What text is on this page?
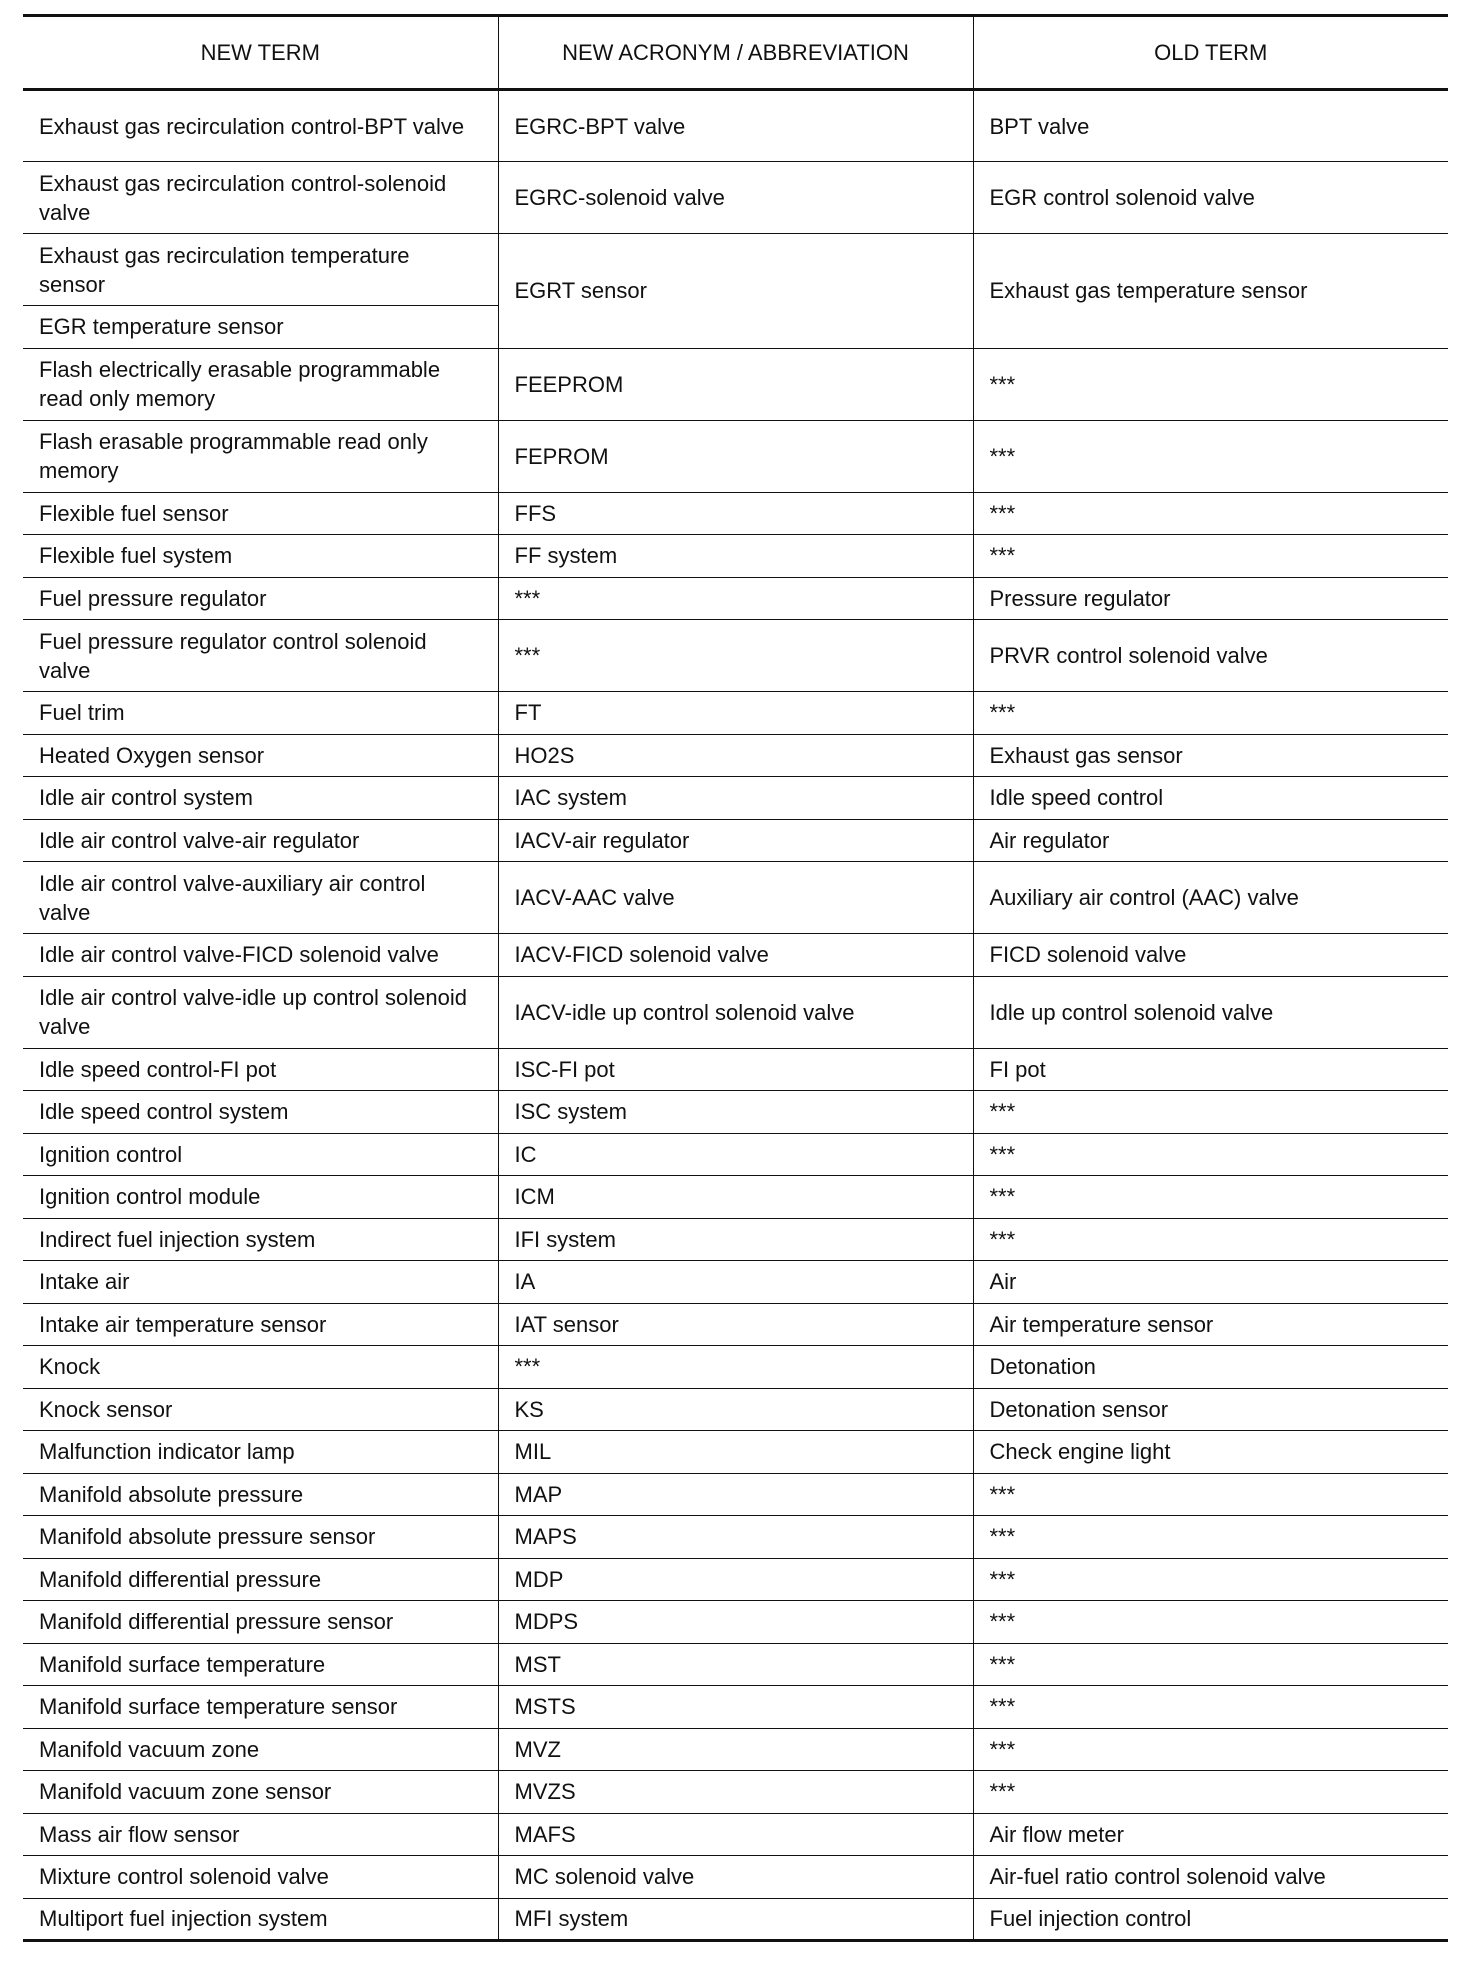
NEW TERM	NEW ACRONYM / ABBREVIATION	OLD TERM
Exhaust gas recirculation control-BPT valve	EGRC-BPT valve	BPT valve
Exhaust gas recirculation control-solenoid valve	EGRC-solenoid valve	EGR control solenoid valve
Exhaust gas recirculation temperature sensor	EGRT sensor	Exhaust gas temperature sensor
EGR temperature sensor		
Flash electrically erasable programmable read only memory	FEEPROM	***
Flash erasable programmable read only memory	FEPROM	***
Flexible fuel sensor	FFS	***
Flexible fuel system	FF system	***
Fuel pressure regulator	***	Pressure regulator
Fuel pressure regulator control solenoid valve	***	PRVR control solenoid valve
Fuel trim	FT	***
Heated Oxygen sensor	HO2S	Exhaust gas sensor
Idle air control system	IAC system	Idle speed control
Idle air control valve-air regulator	IACV-air regulator	Air regulator
Idle air control valve-auxiliary air control valve	IACV-AAC valve	Auxiliary air control (AAC) valve
Idle air control valve-FICD solenoid valve	IACV-FICD solenoid valve	FICD solenoid valve
Idle air control valve-idle up control solenoid valve	IACV-idle up control solenoid valve	Idle up control solenoid valve
Idle speed control-FI pot	ISC-FI pot	FI pot
Idle speed control system	ISC system	***
Ignition control	IC	***
Ignition control module	ICM	***
Indirect fuel injection system	IFI system	***
Intake air	IA	Air
Intake air temperature sensor	IAT sensor	Air temperature sensor
Knock	***	Detonation
Knock sensor	KS	Detonation sensor
Malfunction indicator lamp	MIL	Check engine light
Manifold absolute pressure	MAP	***
Manifold absolute pressure sensor	MAPS	***
Manifold differential pressure	MDP	***
Manifold differential pressure sensor	MDPS	***
Manifold surface temperature	MST	***
Manifold surface temperature sensor	MSTS	***
Manifold vacuum zone	MVZ	***
Manifold vacuum zone sensor	MVZS	***
Mass air flow sensor	MAFS	Air flow meter
Mixture control solenoid valve	MC solenoid valve	Air-fuel ratio control solenoid valve
Multiport fuel injection system	MFI system	Fuel injection control
